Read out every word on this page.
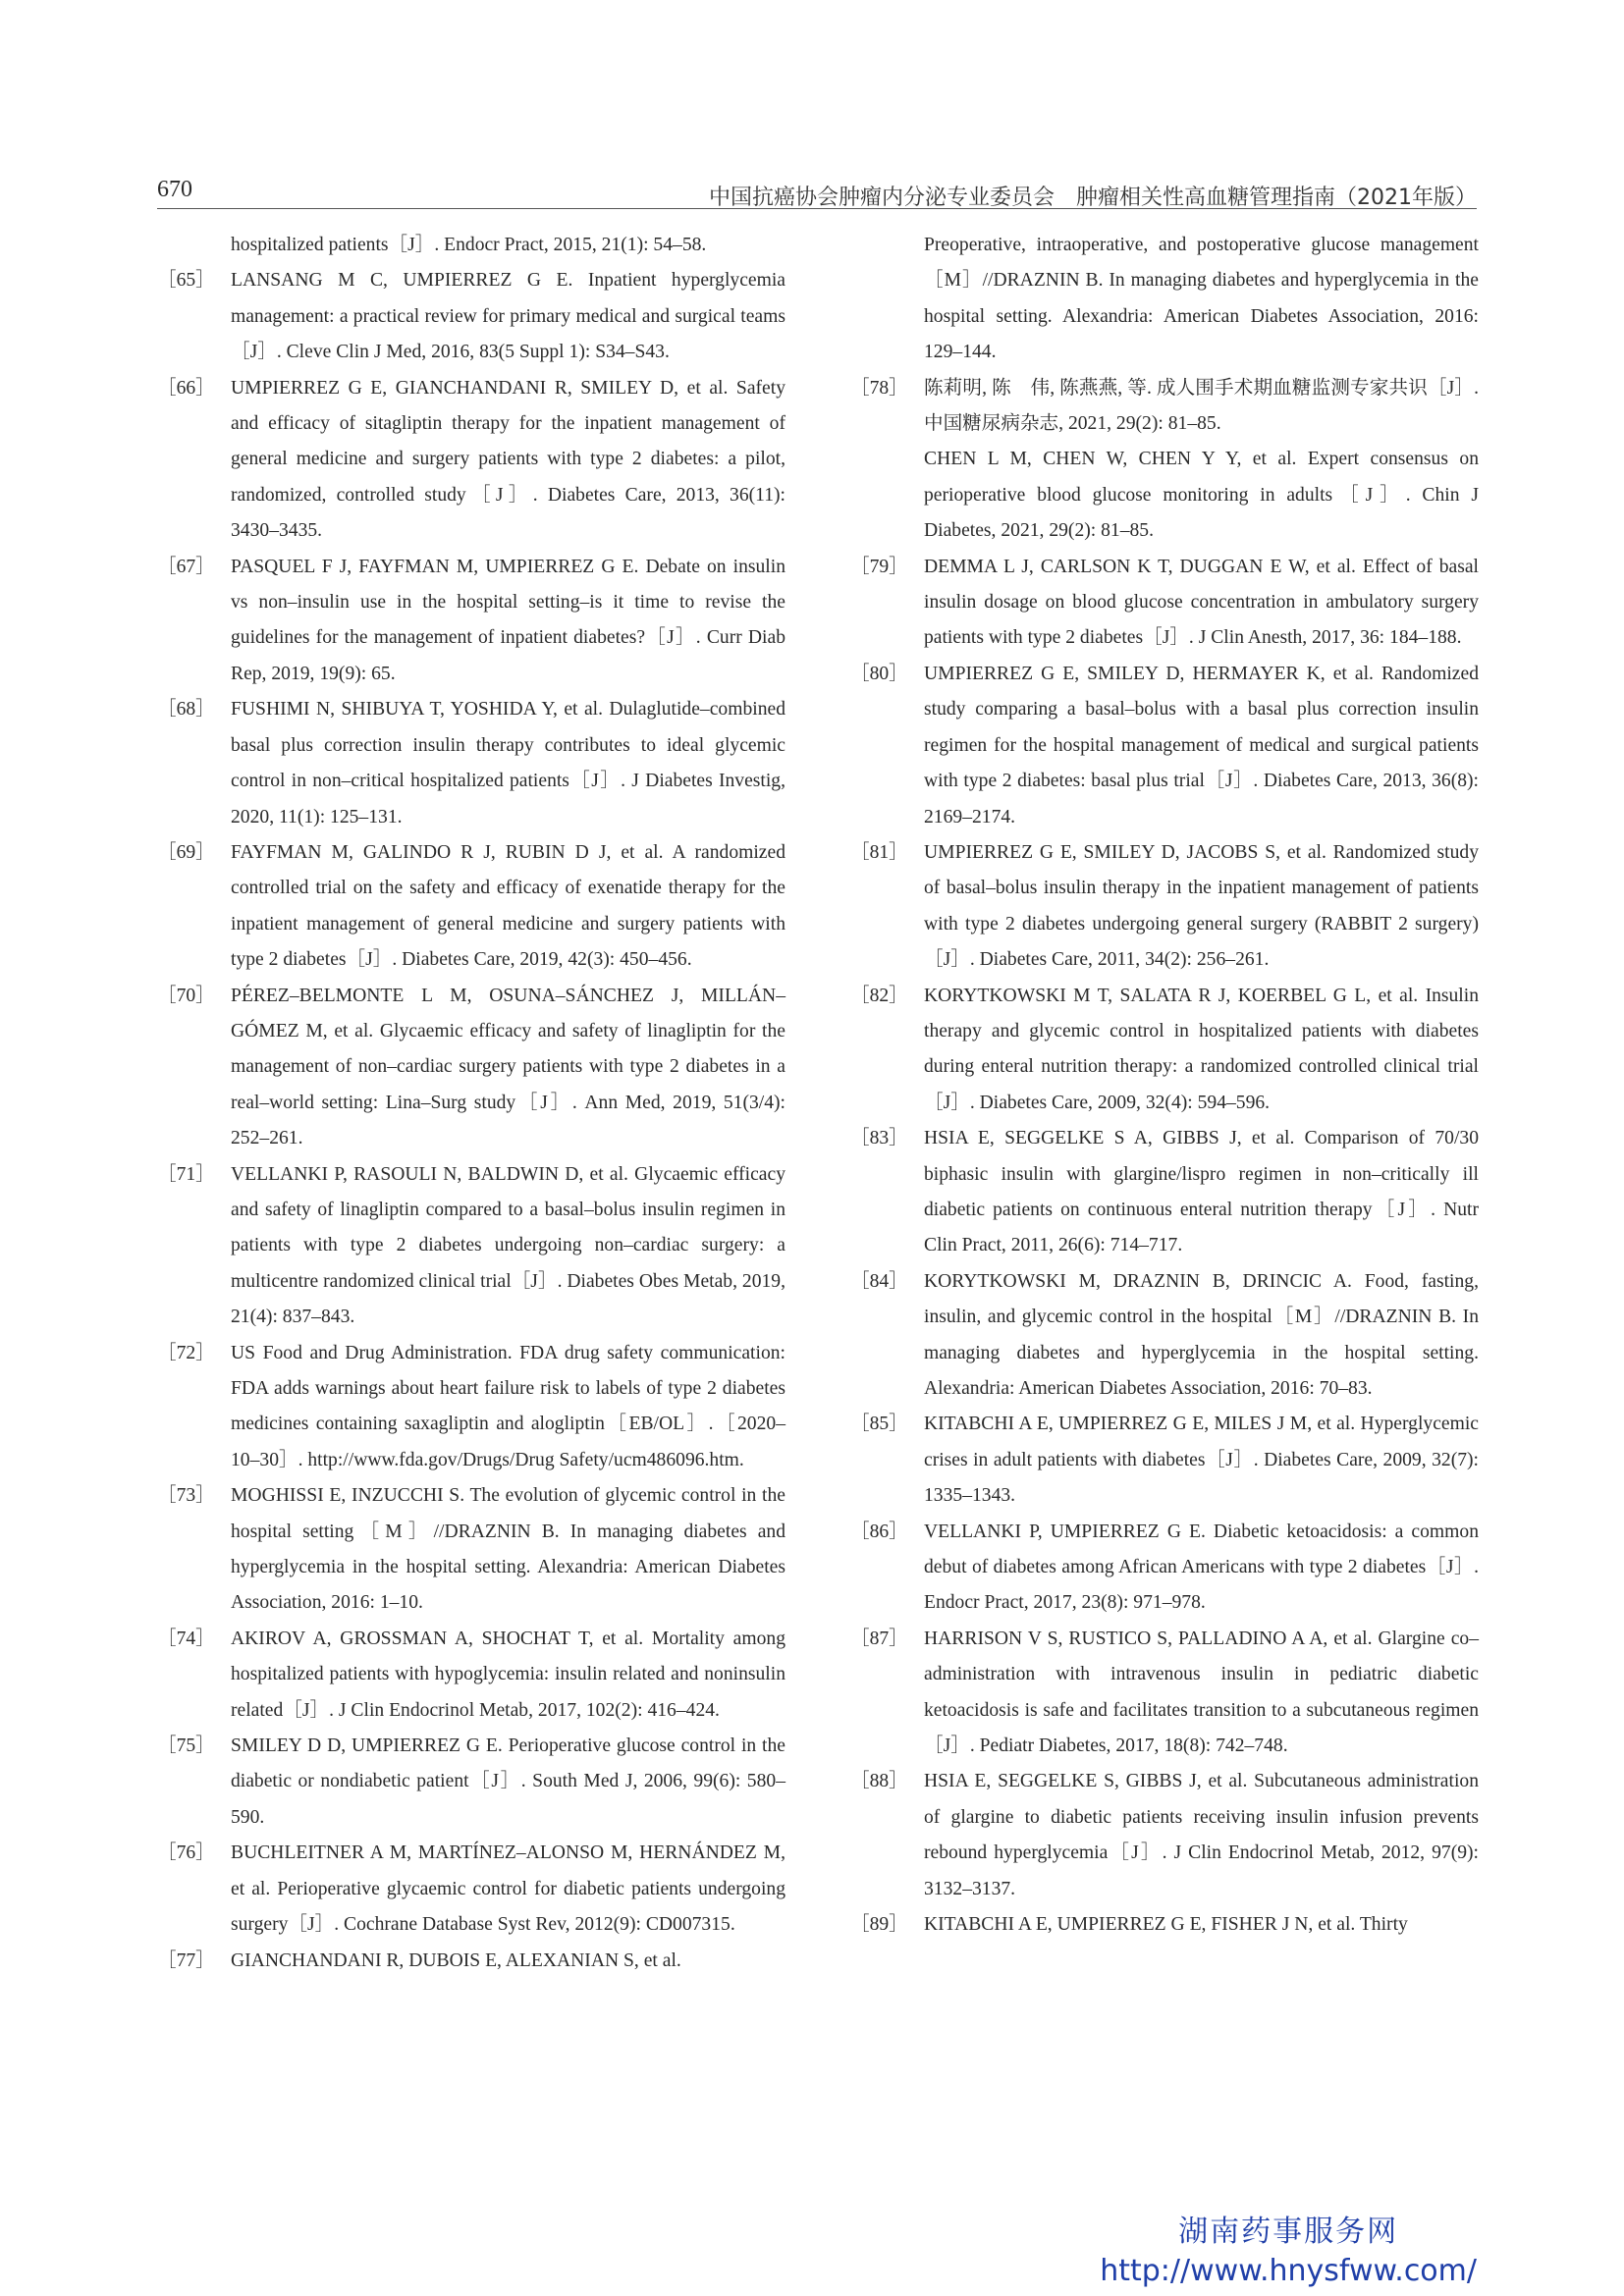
670	中国抗癌协会肿瘤内分泌专业委员会　肿瘤相关性高血糖管理指南（2021年版）
hospitalized patients［J］. Endocr Pract, 2015, 21(1): 54–58.
［65］ LANSANG M C, UMPIERREZ G E. Inpatient hyperglycemia management: a practical review for primary medical and surgical teams［J］. Cleve Clin J Med, 2016, 83(5 Suppl 1): S34–S43.
［66］ UMPIERREZ G E, GIANCHANDANI R, SMILEY D, et al. Safety and efficacy of sitagliptin therapy for the inpatient management of general medicine and surgery patients with type 2 diabetes: a pilot, randomized, controlled study［J］. Diabetes Care, 2013, 36(11): 3430–3435.
［67］ PASQUEL F J, FAYFMAN M, UMPIERREZ G E. Debate on insulin vs non–insulin use in the hospital setting–is it time to revise the guidelines for the management of inpatient diabetes?［J］. Curr Diab Rep, 2019, 19(9): 65.
［68］ FUSHIMI N, SHIBUYA T, YOSHIDA Y, et al. Dulaglutide–combined basal plus correction insulin therapy contributes to ideal glycemic control in non–critical hospitalized patients［J］. J Diabetes Investig, 2020, 11(1): 125–131.
［69］ FAYFMAN M, GALINDO R J, RUBIN D J, et al. A randomized controlled trial on the safety and efficacy of exenatide therapy for the inpatient management of general medicine and surgery patients with type 2 diabetes［J］. Diabetes Care, 2019, 42(3): 450–456.
［70］ PÉREZ–BELMONTE L M, OSUNA–SÁNCHEZ J, MILLÁN–GÓMEZ M, et al. Glycaemic efficacy and safety of linagliptin for the management of non–cardiac surgery patients with type 2 diabetes in a real–world setting: Lina–Surg study［J］. Ann Med, 2019, 51(3/4): 252–261.
［71］ VELLANKI P, RASOULI N, BALDWIN D, et al. Glycaemic efficacy and safety of linagliptin compared to a basal–bolus insulin regimen in patients with type 2 diabetes undergoing non–cardiac surgery: a multicentre randomized clinical trial［J］. Diabetes Obes Metab, 2019, 21(4): 837–843.
［72］ US Food and Drug Administration. FDA drug safety communication: FDA adds warnings about heart failure risk to labels of type 2 diabetes medicines containing saxagliptin and alogliptin［EB/OL］.［2020–10–30］. http://www.fda.gov/Drugs/Drug Safety/ucm486096.htm.
［73］ MOGHISSI E, INZUCCHI S. The evolution of glycemic control in the hospital setting［M］//DRAZNIN B. In managing diabetes and hyperglycemia in the hospital setting. Alexandria: American Diabetes Association, 2016: 1–10.
［74］ AKIROV A, GROSSMAN A, SHOCHAT T, et al. Mortality among hospitalized patients with hypoglycemia: insulin related and noninsulin related［J］. J Clin Endocrinol Metab, 2017, 102(2): 416–424.
［75］ SMILEY D D, UMPIERREZ G E. Perioperative glucose control in the diabetic or nondiabetic patient［J］. South Med J, 2006, 99(6): 580–590.
［76］ BUCHLEITNER A M, MARTÍNEZ–ALONSO M, HERNÁNDEZ M, et al. Perioperative glycaemic control for diabetic patients undergoing surgery［J］. Cochrane Database Syst Rev, 2012(9): CD007315.
［77］ GIANCHANDANI R, DUBOIS E, ALEXANIAN S, et al.
Preoperative, intraoperative, and postoperative glucose management［M］//DRAZNIN B. In managing diabetes and hyperglycemia in the hospital setting. Alexandria: American Diabetes Association, 2016: 129–144.
［78］ 陈莉明, 陈　伟, 陈燕燕, 等. 成人围手术期血糖监测专家共识［J］. 中国糖尿病杂志, 2021, 29(2): 81–85.
CHEN L M, CHEN W, CHEN Y Y, et al. Expert consensus on perioperative blood glucose monitoring in adults［J］. Chin J Diabetes, 2021, 29(2): 81–85.
［79］ DEMMA L J, CARLSON K T, DUGGAN E W, et al. Effect of basal insulin dosage on blood glucose concentration in ambulatory surgery patients with type 2 diabetes［J］. J Clin Anesth, 2017, 36: 184–188.
［80］ UMPIERREZ G E, SMILEY D, HERMAYER K, et al. Randomized study comparing a basal–bolus with a basal plus correction insulin regimen for the hospital management of medical and surgical patients with type 2 diabetes: basal plus trial［J］. Diabetes Care, 2013, 36(8): 2169–2174.
［81］ UMPIERREZ G E, SMILEY D, JACOBS S, et al. Randomized study of basal–bolus insulin therapy in the inpatient management of patients with type 2 diabetes undergoing general surgery (RABBIT 2 surgery)［J］. Diabetes Care, 2011, 34(2): 256–261.
［82］ KORYTKOWSKI M T, SALATA R J, KOERBEL G L, et al. Insulin therapy and glycemic control in hospitalized patients with diabetes during enteral nutrition therapy: a randomized controlled clinical trial［J］. Diabetes Care, 2009, 32(4): 594–596.
［83］ HSIA E, SEGGELKE S A, GIBBS J, et al. Comparison of 70/30 biphasic insulin with glargine/lispro regimen in non–critically ill diabetic patients on continuous enteral nutrition therapy［J］. Nutr Clin Pract, 2011, 26(6): 714–717.
［84］ KORYTKOWSKI M, DRAZNIN B, DRINCIC A. Food, fasting, insulin, and glycemic control in the hospital［M］//DRAZNIN B. In managing diabetes and hyperglycemia in the hospital setting. Alexandria: American Diabetes Association, 2016: 70–83.
［85］ KITABCHI A E, UMPIERREZ G E, MILES J M, et al. Hyperglycemic crises in adult patients with diabetes［J］. Diabetes Care, 2009, 32(7): 1335–1343.
［86］ VELLANKI P, UMPIERREZ G E. Diabetic ketoacidosis: a common debut of diabetes among African Americans with type 2 diabetes［J］. Endocr Pract, 2017, 23(8): 971–978.
［87］ HARRISON V S, RUSTICO S, PALLADINO A A, et al. Glargine co–administration with intravenous insulin in pediatric diabetic ketoacidosis is safe and facilitates transition to a subcutaneous regimen［J］. Pediatr Diabetes, 2017, 18(8): 742–748.
［88］ HSIA E, SEGGELKE S, GIBBS J, et al. Subcutaneous administration of glargine to diabetic patients receiving insulin infusion prevents rebound hyperglycemia［J］. J Clin Endocrinol Metab, 2012, 97(9): 3132–3137.
［89］ KITABCHI A E, UMPIERREZ G E, FISHER J N, et al. Thirty
湖南药事服务网
http://www.hnysfww.com/
